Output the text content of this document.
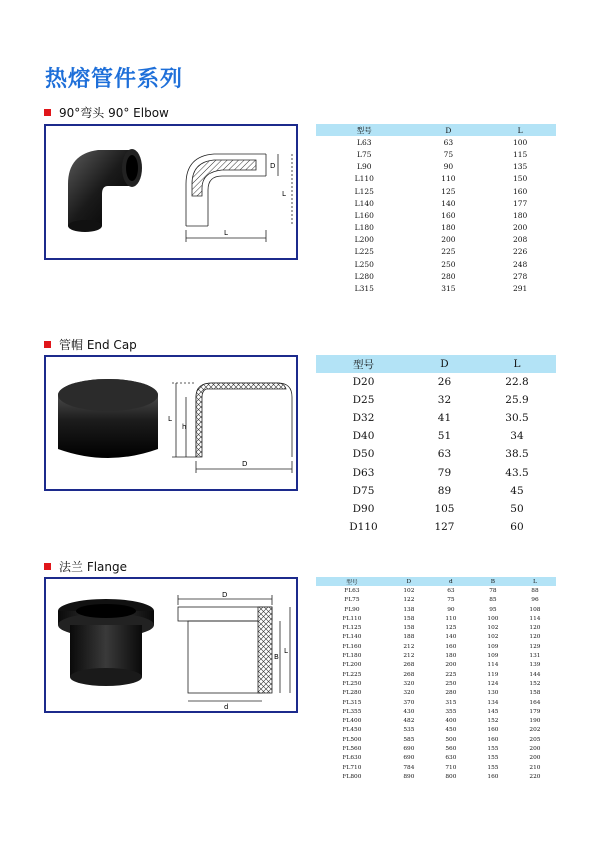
热熔管件系列
90°弯头 90° Elbow
D
L
L
型号	D	L
L63	63	100
L75	75	115
L90	90	135
L110	110	150
L125	125	160
L140	140	177
L160	160	180
L180	180	200
L200	200	208
L225	225	226
L250	250	248
L280	280	278
L315	315	291
管帽 End Cap
L
h
D
型号	D	L
D20	26	22.8
D25	32	25.9
D32	41	30.5
D40	51	34
D50	63	38.5
D63	79	43.5
D75	89	45
D90	105	50
D110	127	60
法兰 Flange
D
B
L
d
型号	D	d	B	L
FL63	102	63	78	88
FL75	122	75	85	96
FL90	138	90	95	108
FL110	158	110	100	114
FL125	158	125	102	120
FL140	188	140	102	120
FL160	212	160	109	129
FL180	212	180	109	131
FL200	268	200	114	139
FL225	268	225	119	144
FL250	320	250	124	152
FL280	320	280	130	158
FL315	370	315	134	164
FL355	430	355	145	179
FL400	482	400	152	190
FL450	535	450	160	202
FL500	585	500	160	205
FL560	690	560	155	200
FL630	690	630	155	200
FL710	784	710	155	210
FL800	890	800	160	220
